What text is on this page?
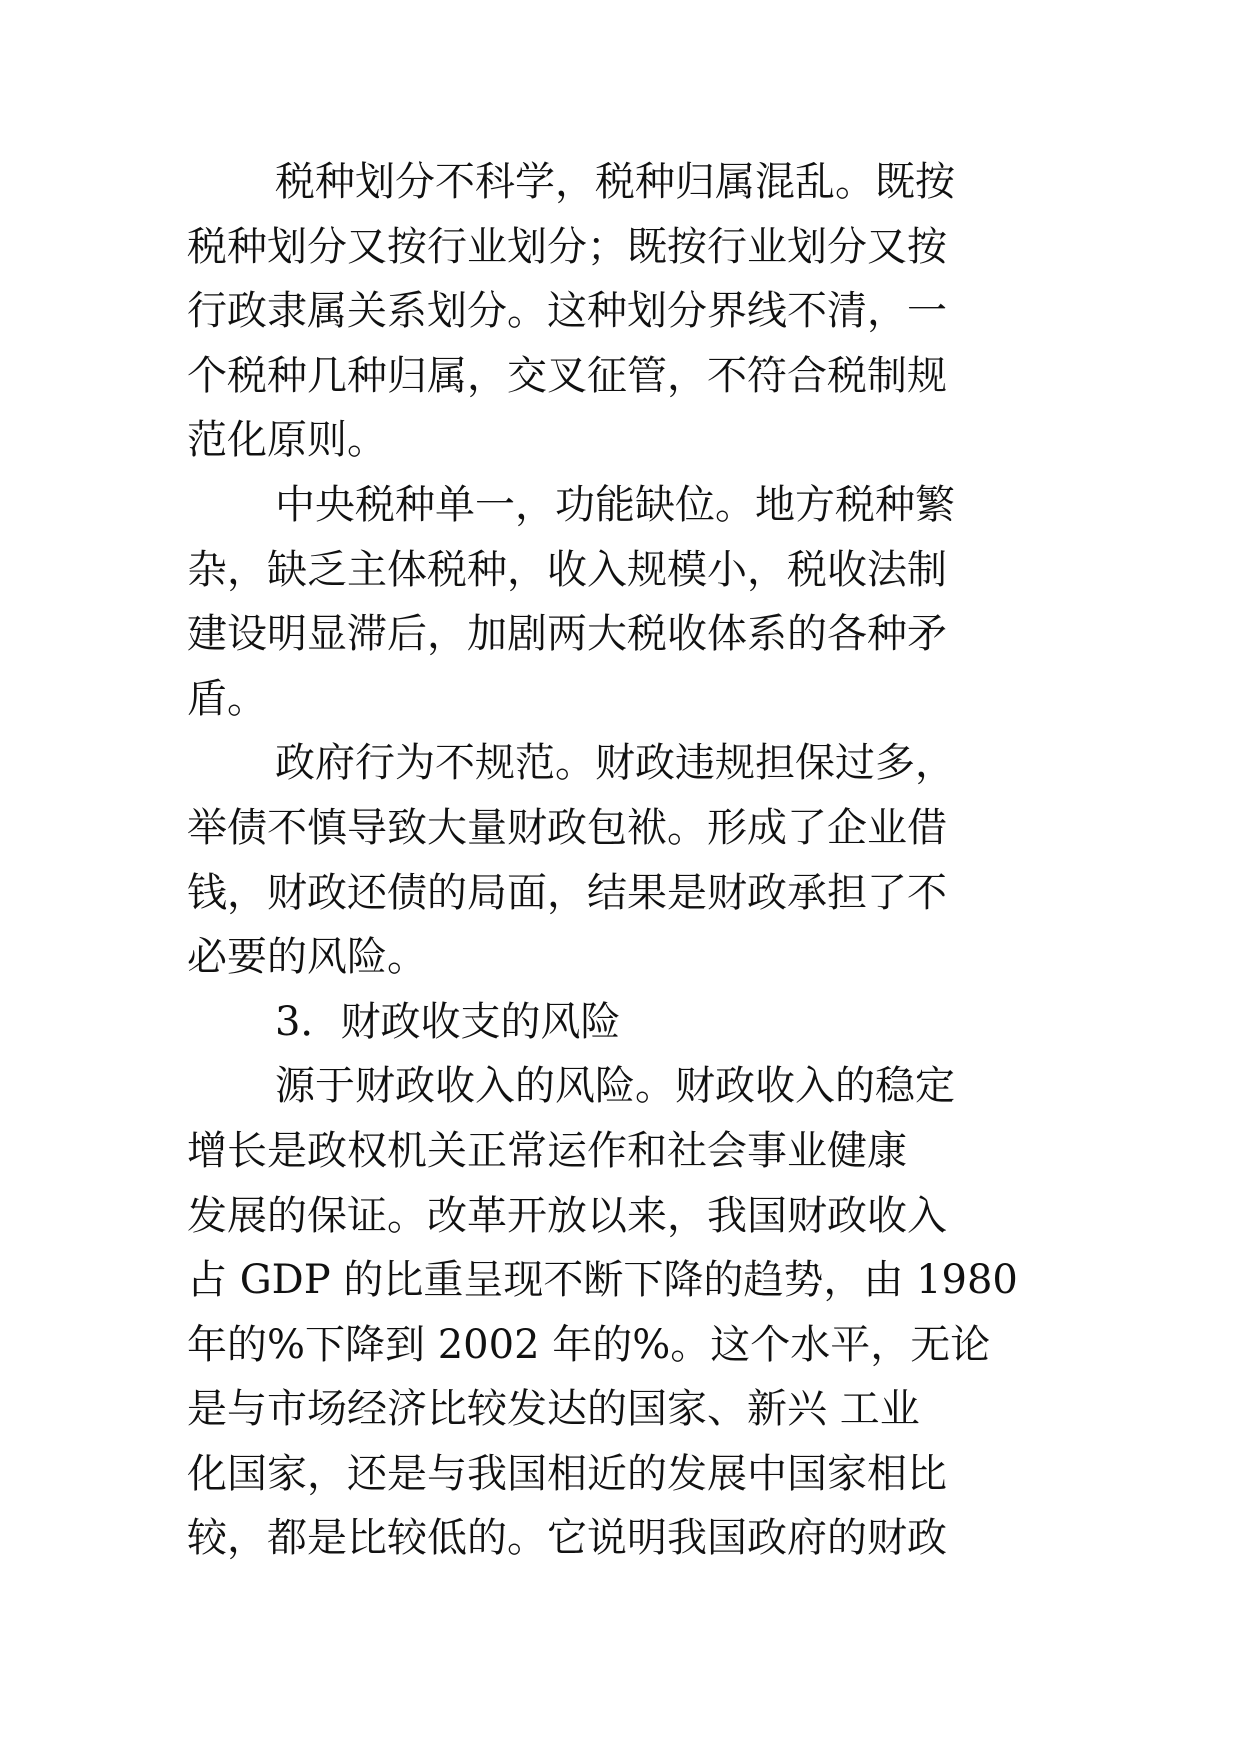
税种划分不科学，税种归属混乱。既按

税种划分又按行业划分；既按行业划分又按

行政隶属关系划分。这种划分界线不清，一

个税种几种归属，交叉征管，不符合税制规

范化原则。

中央税种单一，功能缺位。地方税种繁

杂，缺乏主体税种，收入规模小，税收法制

建设明显滞后，加剧两大税收体系的各种矛

盾。

政府行为不规范。财政违规担保过多，

举债不慎导致大量财政包袱。形成了企业借

钱，财政还债的局面，结果是财政承担了不

必要的风险。

3．财政收支的风险

源于财政收入的风险。财政收入的稳定

增长是政权机关正常运作和社会事业健康

发展的保证。改革开放以来，我国财政收入

占 GDP 的比重呈现不断下降的趋势，由 1980

年的%下降到 2002 年的%。这个水平，无论

是与市场经济比较发达的国家、新兴 工业

化国家，还是与我国相近的发展中国家相比

较，都是比较低的。它说明我国政府的财政
